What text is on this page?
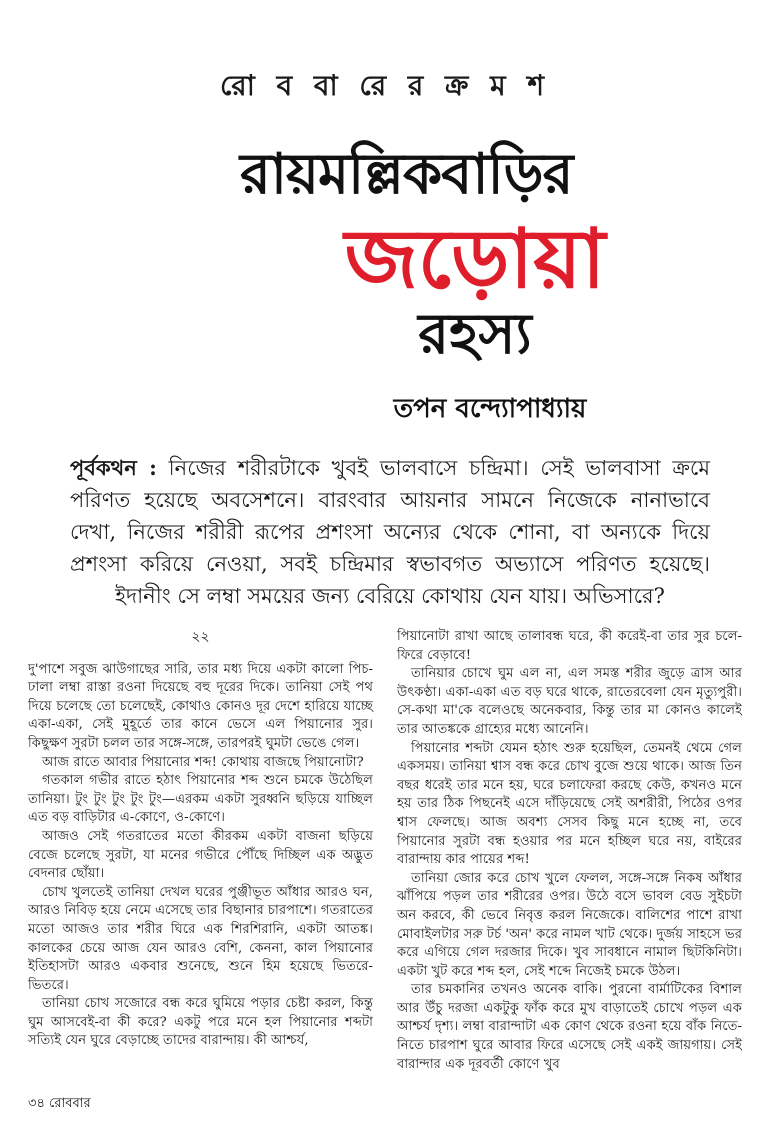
রো ব বা রে র ক্র ম শ
রায়মল্লিকবাড়ির
জড়োয়া
রহস্য
তপন বন্দ্যোপাধ্যায়
পূর্বকথন : নিজের শরীরটাকে খুবই ভালবাসে চন্দ্রিমা। সেই ভালবাসা ক্রমে পরিণত হয়েছে অবসেশনে। বারংবার আয়নার সামনে নিজেকে নানাভাবে দেখা, নিজের শরীরী রূপের প্রশংসা অন্যের থেকে শোনা, বা অন্যকে দিয়ে প্রশংসা করিয়ে নেওয়া, সবই চন্দ্রিমার স্বভাবগত অভ্যাসে পরিণত হয়েছে। ইদানীং সে লম্বা সময়ের জন্য বেরিয়ে কোথায় যেন যায়। অভিসারে?
২২

দু'পাশে সবুজ ঝাউগাছের সারি, তার মধ্য দিয়ে একটা কালো পিচ-ঢালা লম্বা রাস্তা রওনা দিয়েছে বহু দূরের দিকে। তানিয়া সেই পথ দিয়ে চলেছে তো চলেছেই, কোথাও কোনও দূর দেশে হারিয়ে যাচ্ছে একা-একা, সেই মুহূর্তে তার কানে ভেসে এল পিয়ানোর সুর। কিছুক্ষণ সুরটা চলল তার সঙ্গে-সঙ্গে, তারপরই ঘুমটা ভেঙে গেল।

আজ রাতে আবার পিয়ানোর শব্দ! কোথায় বাজছে পিয়ানোটা?

গতকাল গভীর রাতে হঠাৎ পিয়ানোর শব্দ শুনে চমকে উঠেছিল তানিয়া। টুং টুং টুং টুং টুং—এরকম একটা সুরধ্বনি ছড়িয়ে যাচ্ছিল এত বড় বাড়িটার এ-কোণে, ও-কোণে।

আজও সেই গতরাতের মতো কীরকম একটা বাজনা ছড়িয়ে বেজে চলেছে সুরটা, যা মনের গভীরে পৌঁছে দিচ্ছিল এক অদ্ভুত বেদনার ছোঁয়া।

চোখ খুলতেই তানিয়া দেখল ঘরের পুঞ্জীভূত আঁধার আরও ঘন, আরও নিবিড় হয়ে নেমে এসেছে তার বিছানার চারপাশে। গতরাতের মতো আজও তার শরীর ঘিরে এক শিরশিরানি, একটা আতঙ্ক। কালকের চেয়ে আজ যেন আরও বেশি, কেননা, কাল পিয়ানোর ইতিহাসটা আরও একবার শুনেছে, শুনে হিম হয়েছে ভিতরে-ভিতরে।

তানিয়া চোখ সজোরে বন্ধ করে ঘুমিয়ে পড়ার চেষ্টা করল, কিন্তু ঘুম আসবেই-বা কী করে? একটু পরে মনে হল পিয়ানোর শব্দটা সত্যিই যেন ঘুরে বেড়াচ্ছে তাদের বারান্দায়। কী আশ্চর্য,

পিয়ানোটা রাখা আছে তালাবন্ধ ঘরে, কী করেই-বা তার সুর চলে-ফিরে বেড়াবে!

তানিয়ার চোখে ঘুম এল না, এল সমস্ত শরীর জুড়ে ত্রাস আর উৎকণ্ঠা। একা-একা এত বড় ঘরে থাকে, রাতেরবেলা যেন মৃত্যুপুরী। সে-কথা মা'কে বলেওছে অনেকবার, কিন্তু তার মা কোনও কালেই তার আতঙ্ককে গ্রাহ্যের মধ্যে আনেনি।

পিয়ানোর শব্দটা যেমন হঠাৎ শুরু হয়েছিল, তেমনই থেমে গেল একসময়। তানিয়া শ্বাস বন্ধ করে চোখ বুজে শুয়ে থাকে। আজ তিন বছর ধরেই তার মনে হয়, ঘরে চলাফেরা করছে কেউ, কখনও মনে হয় তার ঠিক পিছনেই এসে দাঁড়িয়েছে সেই অশরীরী, পিঠের ওপর শ্বাস ফেলছে। আজ অবশ্য সেসব কিছু মনে হচ্ছে না, তবে পিয়ানোর সুরটা বন্ধ হওয়ার পর মনে হচ্ছিল ঘরে নয়, বাইরের বারান্দায় কার পায়ের শব্দ!

তানিয়া জোর করে চোখ খুলে ফেলল, সঙ্গে-সঙ্গে নিকষ আঁধার ঝাঁপিয়ে পড়ল তার শরীরের ওপর। উঠে বসে ভাবল বেড সুইচটা অন করবে, কী ভেবে নিবৃত্ত করল নিজেকে। বালিশের পাশে রাখা মোবাইলটার সরু টর্চ 'অন' করে নামল খাট থেকে। দুর্জয় সাহসে ভর করে এগিয়ে গেল দরজার দিকে। খুব সাবধানে নামাল ছিটকিনিটা। একটা খুট করে শব্দ হল, সেই শব্দে নিজেই চমকে উঠল।

তার চমকানির তখনও অনেক বাকি। পুরনো বার্মাটিকের বিশাল আর উঁচু দরজা একটুকু ফাঁক করে মুখ বাড়াতেই চোখে পড়ল এক আশ্চর্য দৃশ্য। লম্বা বারান্দাটা এক কোণ থেকে রওনা হয়ে বাঁক নিতে-নিতে চারপাশ ঘুরে আবার ফিরে এসেছে সেই একই জায়গায়। সেই বারান্দার এক দূরবর্তী কোণে খুব

৩৪ রোববার
